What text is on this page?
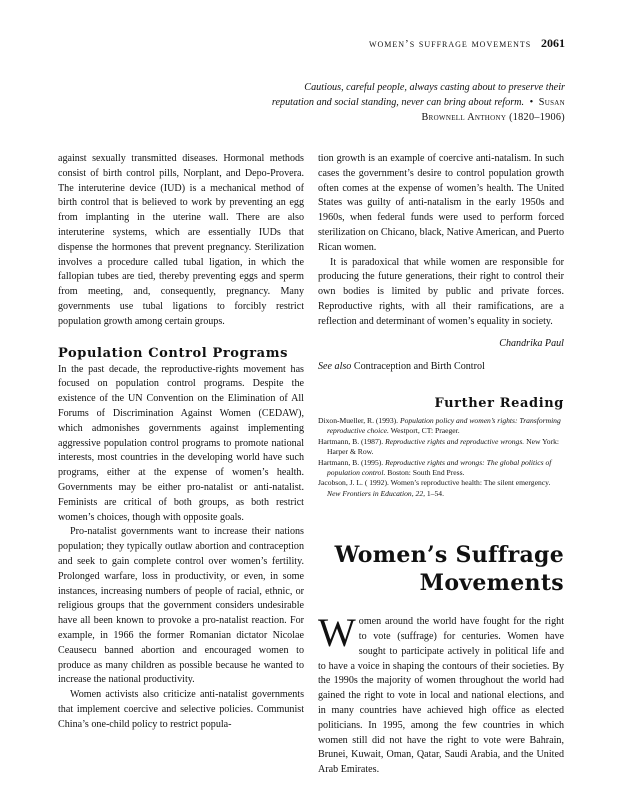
women’s suffrage movements 2061
Cautious, careful people, always casting about to preserve their reputation and social standing, never can bring about reform. • Susan Brownell Anthony (1820–1906)

against sexually transmitted diseases. Hormonal methods consist of birth control pills, Norplant, and Depo-Provera. The interuterine device (IUD) is a mechanical method of birth control that is believed to work by preventing an egg from implanting in the uterine wall. There are also interuterine systems, which are essentially IUDs that dispense the hormones that prevent pregnancy. Sterilization involves a procedure called tubal ligation, in which the fallopian tubes are tied, thereby preventing eggs and sperm from meeting, and, consequently, pregnancy. Many governments use tubal ligations to forcibly restrict population growth among certain groups.

Population Control Programs

In the past decade, the reproductive-rights movement has focused on population control programs. Despite the existence of the UN Convention on the Elimination of All Forums of Discrimination Against Women (CEDAW), which admonishes governments against implementing aggressive population control programs to promote national interests, most countries in the developing world have such programs, either at the expense of women’s health. Governments may be either pro-natalist or anti-natalist. Feminists are critical of both groups, as both restrict women’s choices, though with opposite goals.

Pro-natalist governments want to increase their nations population; they typically outlaw abortion and contraception and seek to gain complete control over women’s fertility. Prolonged warfare, loss in productivity, or even, in some instances, increasing numbers of people of racial, ethnic, or religious groups that the government considers undesirable have all been known to provoke a pro-natalist reaction. For example, in 1966 the former Romanian dictator Nicolae Ceausecu banned abortion and encouraged women to produce as many children as possible because he wanted to increase the national productivity.

Women activists also criticize anti-natalist governments that implement coercive and selective policies. Communist China’s one-child policy to restrict popula-

tion growth is an example of coercive anti-natalism. In such cases the government’s desire to control population growth often comes at the expense of women’s health. The United States was guilty of anti-natalism in the early 1950s and 1960s, when federal funds were used to perform forced sterilization on Chicano, black, Native American, and Puerto Rican women.

It is paradoxical that while women are responsible for producing the future generations, their right to control their own bodies is limited by public and private forces. Reproductive rights, with all their ramifications, are a reflection and determinant of women’s equality in society.

Chandrika Paul

See also Contraception and Birth Control

Further Reading
Dixon-Mueller, R. (1993). Population policy and women’s rights: Transforming reproductive choice. Westport, CT: Praeger.
Hartmann, B. (1987). Reproductive rights and reproductive wrongs. New York: Harper & Row.
Hartmann, B. (1995). Reproductive rights and wrongs: The global politics of population control. Boston: South End Press.
Jacobson, J. L. ( 1992). Women’s reproductive health: The silent emergency. New Frontiers in Education, 22, 1–54.
Women’s Suffrage
Movements

Women around the world have fought for the right to vote (suffrage) for centuries. Women have sought to participate actively in political life and to have a voice in shaping the contours of their societies. By the 1990s the majority of women throughout the world had gained the right to vote in local and national elections, and in many countries have achieved high office as elected politicians. In 1995, among the few countries in which women still did not have the right to vote were Bahrain, Brunei, Kuwait, Oman, Qatar, Saudi Arabia, and the United Arab Emirates.
